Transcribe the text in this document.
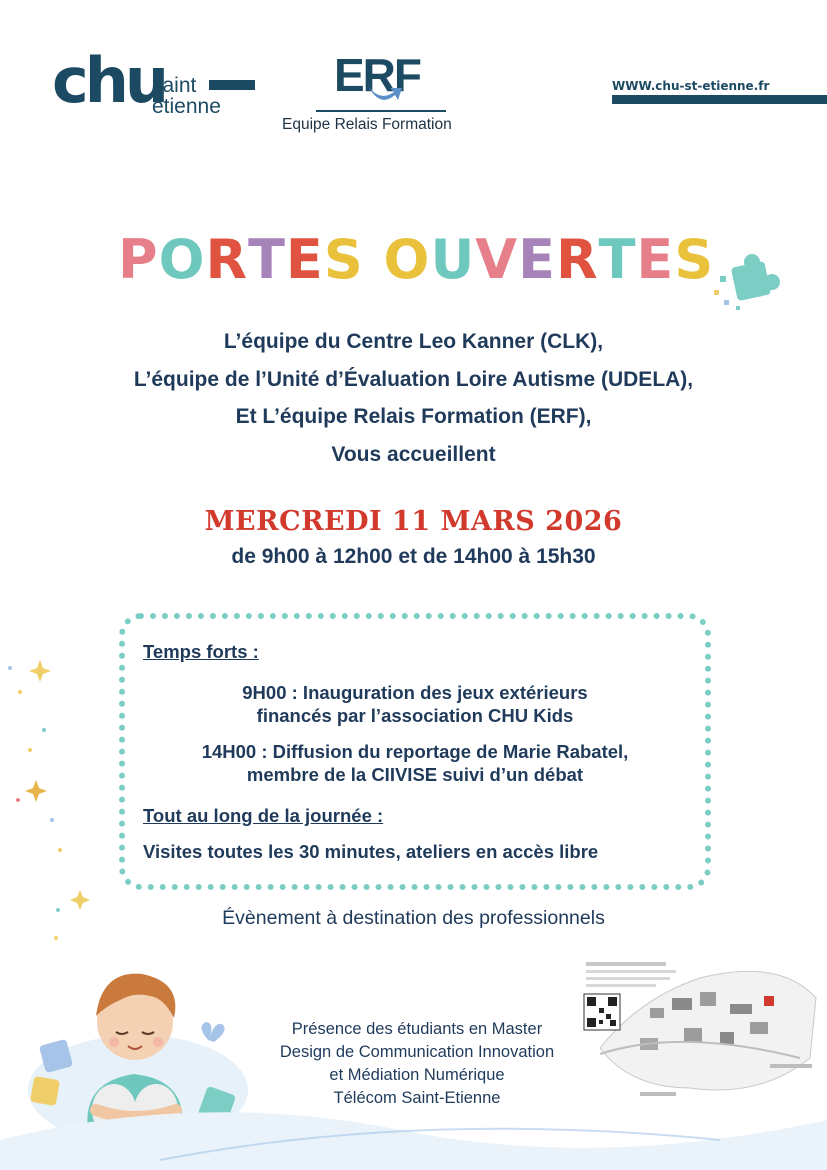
chu
saint
étienne
ERF
Equipe Relais Formation
WWW.chu-st-etienne.fr
PORTES OUVERTES
L’équipe du Centre Leo Kanner (CLK),
L’équipe de l’Unité d’Évaluation Loire Autisme (UDELA),
Et L’équipe Relais Formation (ERF),
Vous accueillent
MERCREDI 11 MARS 2026
de 9h00 à 12h00 et de 14h00 à 15h30
Temps forts :
9H00 : Inauguration des jeux extérieurs
financés par l’association CHU Kids
14H00 : Diffusion du reportage de Marie Rabatel,
membre de la CIIVISE suivi d’un débat
Tout au long de la journée :
Visites toutes les 30 minutes, ateliers en accès libre
Évènement à destination des professionnels
Présence des étudiants en Master
Design de Communication Innovation
et Médiation Numérique
Télécom Saint-Etienne
